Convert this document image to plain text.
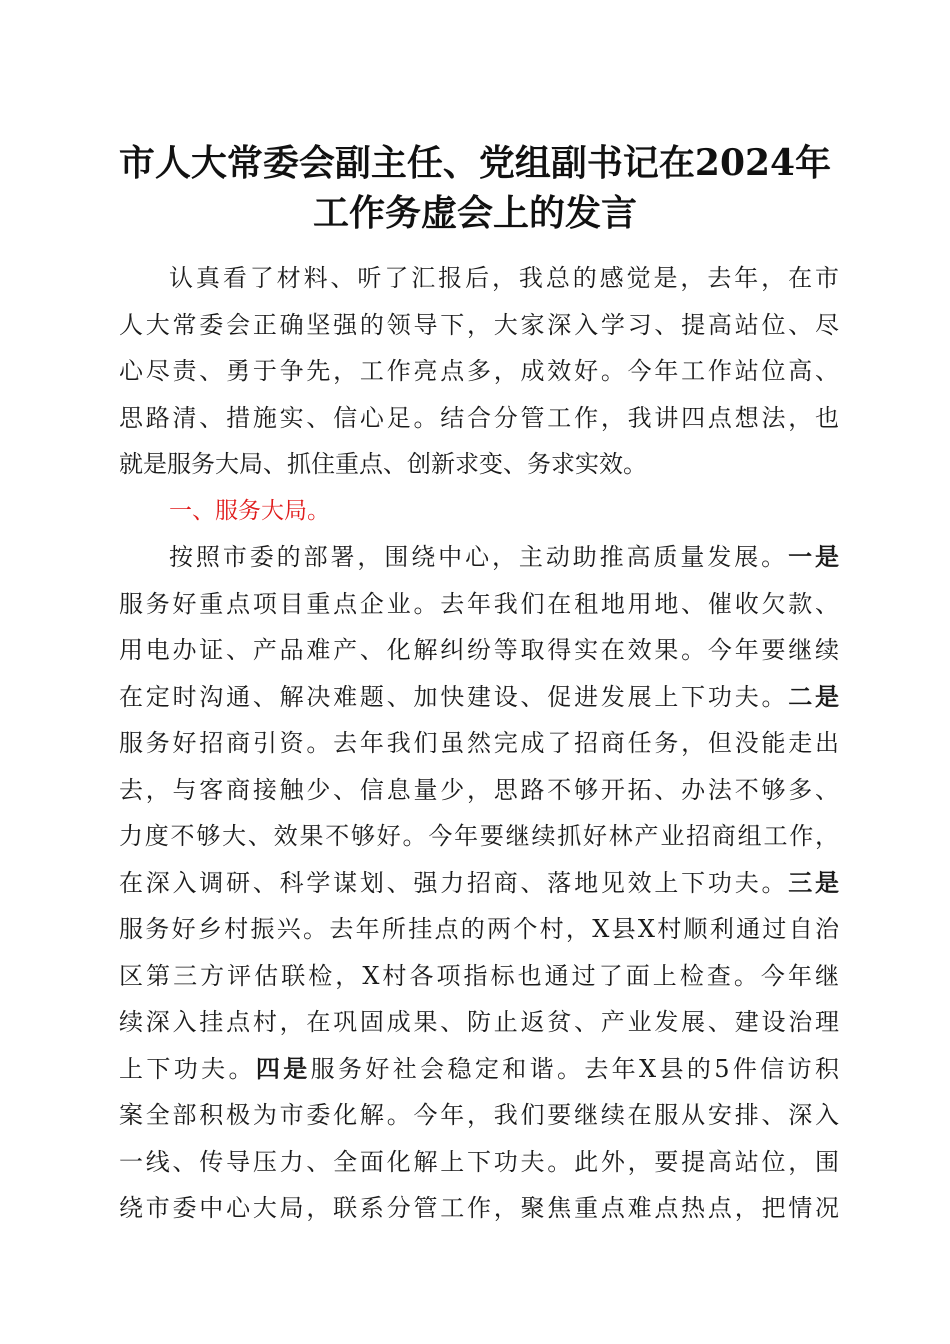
市人大常委会副主任、党组副书记在2024年
工作务虚会上的发言
认真看了材料、听了汇报后，我总的感觉是，去年，在市
人大常委会正确坚强的领导下，大家深入学习、提高站位、尽
心尽责、勇于争先，工作亮点多，成效好。今年工作站位高、
思路清、措施实、信心足。结合分管工作，我讲四点想法，也
就是服务大局、抓住重点、创新求变、务求实效。
一、服务大局。
按照市委的部署，围绕中心，主动助推高质量发展。一是
服务好重点项目重点企业。去年我们在租地用地、催收欠款、
用电办证、产品难产、化解纠纷等取得实在效果。今年要继续
在定时沟通、解决难题、加快建设、促进发展上下功夫。二是
服务好招商引资。去年我们虽然完成了招商任务，但没能走出
去，与客商接触少、信息量少，思路不够开拓、办法不够多、
力度不够大、效果不够好。今年要继续抓好林产业招商组工作，
在深入调研、科学谋划、强力招商、落地见效上下功夫。三是
服务好乡村振兴。去年所挂点的两个村，X县X村顺利通过自治
区第三方评估联检，X村各项指标也通过了面上检查。今年继
续深入挂点村，在巩固成果、防止返贫、产业发展、建设治理
上下功夫。四是服务好社会稳定和谐。去年X县的5件信访积
案全部积极为市委化解。今年，我们要继续在服从安排、深入
一线、传导压力、全面化解上下功夫。此外，要提高站位，围
绕市委中心大局，联系分管工作，聚焦重点难点热点，把情况
